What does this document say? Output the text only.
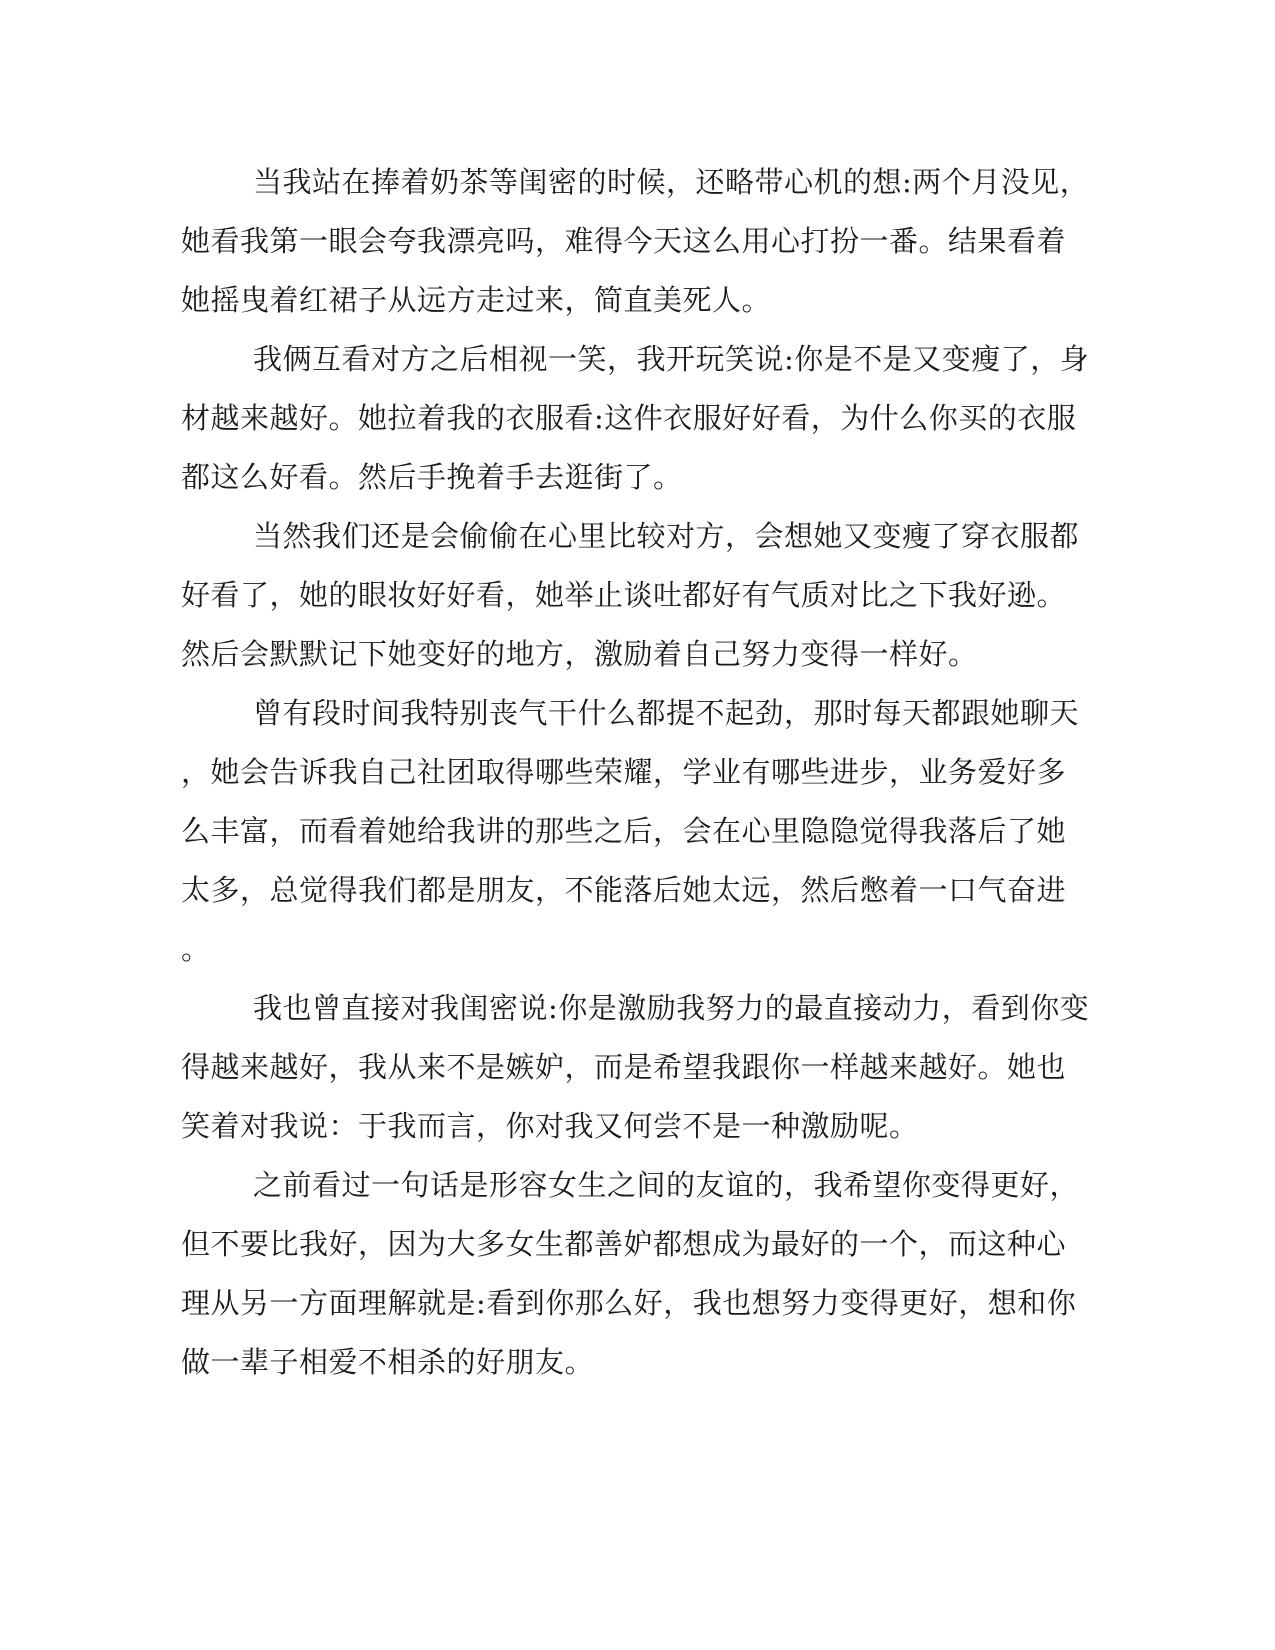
当我站在捧着奶茶等闺密的时候，还略带心机的想:两个月没见，
她看我第一眼会夸我漂亮吗，难得今天这么用心打扮一番。结果看着
她摇曳着红裙子从远方走过来，简直美死人。
我俩互看对方之后相视一笑，我开玩笑说:你是不是又变瘦了，身
材越来越好。她拉着我的衣服看:这件衣服好好看，为什么你买的衣服
都这么好看。然后手挽着手去逛街了。
当然我们还是会偷偷在心里比较对方，会想她又变瘦了穿衣服都
好看了，她的眼妆好好看，她举止谈吐都好有气质对比之下我好逊。
然后会默默记下她变好的地方，激励着自己努力变得一样好。
曾有段时间我特别丧气干什么都提不起劲，那时每天都跟她聊天
，她会告诉我自己社团取得哪些荣耀，学业有哪些进步，业务爱好多
么丰富，而看着她给我讲的那些之后，会在心里隐隐觉得我落后了她
太多，总觉得我们都是朋友，不能落后她太远，然后憋着一口气奋进
。
我也曾直接对我闺密说:你是激励我努力的最直接动力，看到你变
得越来越好，我从来不是嫉妒，而是希望我跟你一样越来越好。她也
笑着对我说：于我而言，你对我又何尝不是一种激励呢。
之前看过一句话是形容女生之间的友谊的，我希望你变得更好，
但不要比我好，因为大多女生都善妒都想成为最好的一个，而这种心
理从另一方面理解就是:看到你那么好，我也想努力变得更好，想和你
做一辈子相爱不相杀的好朋友。
